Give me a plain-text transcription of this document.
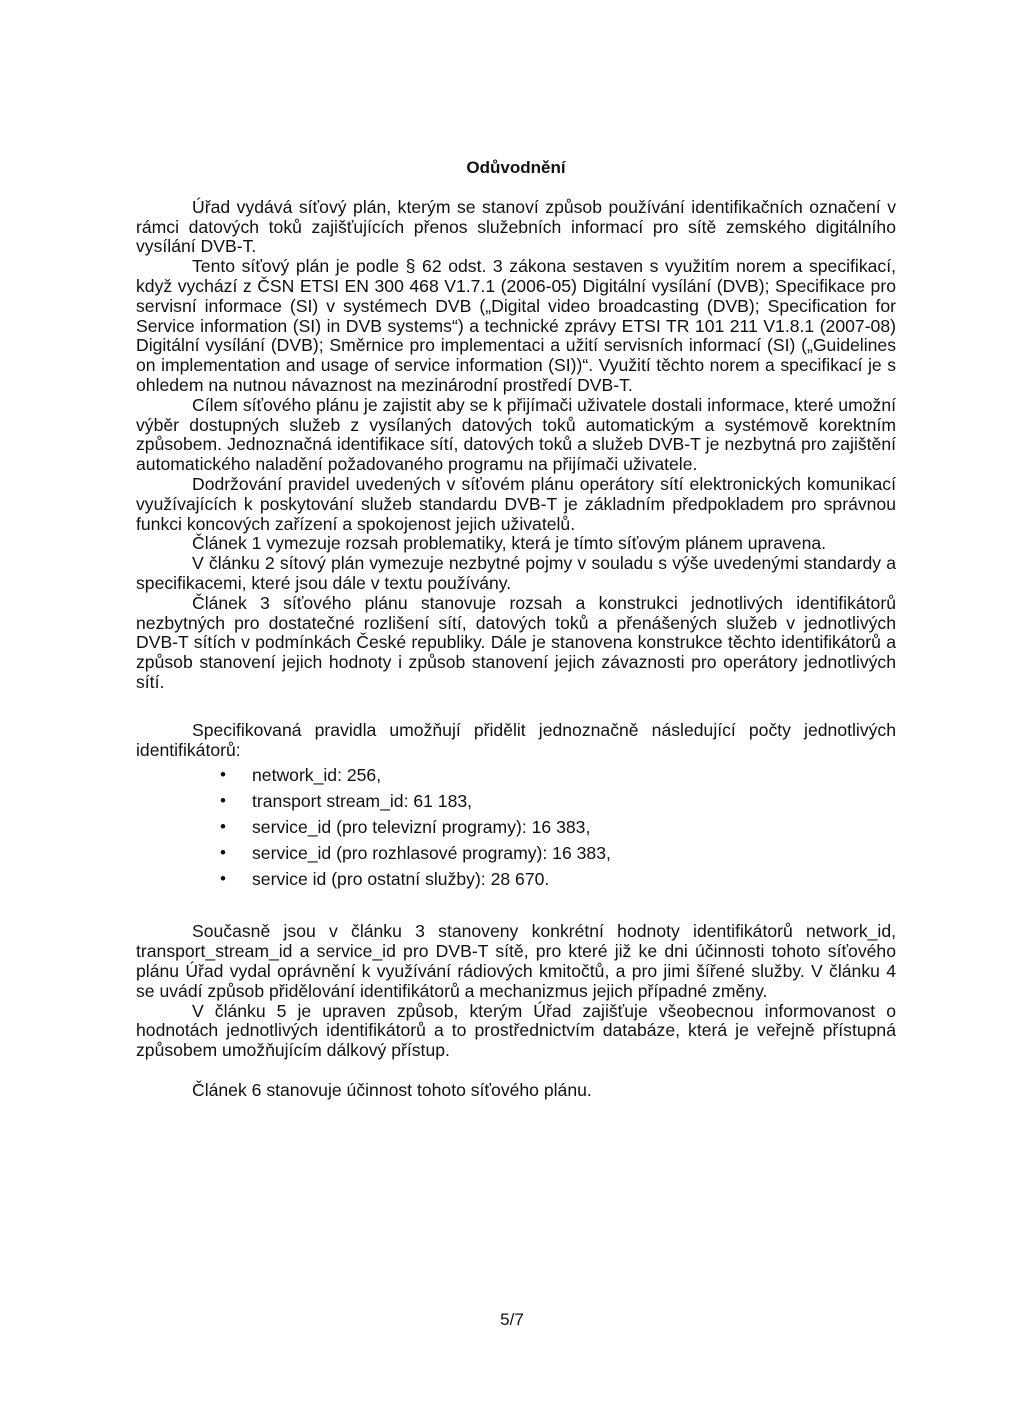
Odůvodnění

Úřad vydává síťový plán, kterým se stanoví způsob používání identifikačních označení v rámci datových toků zajišťujících přenos služebních informací pro sítě zemského digitálního vysílání DVB-T.

Tento síťový plán je podle § 62 odst. 3 zákona sestaven s využitím norem a specifikací, když vychází z ČSN ETSI EN 300 468 V1.7.1 (2006-05) Digitální vysílání (DVB); Specifikace pro servisní informace (SI) v systémech DVB („Digital video broadcasting (DVB); Specification for Service information (SI) in DVB systems“) a technické zprávy ETSI TR 101 211 V1.8.1 (2007-08) Digitální vysílání (DVB); Směrnice pro implementaci a užití servisních informací (SI) („Guidelines on implementation and usage of service information (SI))“. Využití těchto norem a specifikací je s ohledem na nutnou návaznost na mezinárodní prostředí DVB-T.

Cílem síťového plánu je zajistit aby se k přijímači uživatele dostali informace, které umožní výběr dostupných služeb z vysílaných datových toků automatickým a systémově korektním způsobem. Jednoznačná identifikace sítí, datových toků a služeb DVB-T je nezbytná pro zajištění automatického naladění požadovaného programu na přijímači uživatele.

Dodržování pravidel uvedených v síťovém plánu operátory sítí elektronických komunikací využívajících k poskytování služeb standardu DVB-T je základním předpokladem pro správnou funkci koncových zařízení a spokojenost jejich uživatelů.

Článek 1 vymezuje rozsah problematiky, která je tímto síťovým plánem upravena.

V článku 2 sítový plán vymezuje nezbytné pojmy v souladu s výše uvedenými standardy a specifikacemi, které jsou dále v textu používány.

Článek 3 síťového plánu stanovuje rozsah a konstrukci jednotlivých identifikátorů nezbytných pro dostatečné rozlišení sítí, datových toků a přenášených služeb v jednotlivých DVB-T sítích v podmínkách České republiky. Dále je stanovena konstrukce těchto identifikátorů a způsob stanovení jejich hodnoty i způsob stanovení jejich závaznosti pro operátory jednotlivých sítí.

Specifikovaná pravidla umožňují přidělit jednoznačně následující počty jednotlivých identifikátorů:

• network_id: 256,
• transport stream_id: 61 183,
• service_id (pro televizní programy): 16 383,
• service_id (pro rozhlasové programy): 16 383,
• service id (pro ostatní služby): 28 670.

Současně jsou v článku 3 stanoveny konkrétní hodnoty identifikátorů network_id, transport_stream_id a service_id pro DVB-T sítě, pro které již ke dni účinnosti tohoto síťového plánu Úřad vydal oprávnění k využívání rádiových kmitočtů, a pro jimi šířené služby. V článku 4 se uvádí způsob přidělování identifikátorů a mechanizmus jejich případné změny.

V článku 5 je upraven způsob, kterým Úřad zajišťuje všeobecnou informovanost o hodnotách jednotlivých identifikátorů a to prostřednictvím databáze, která je veřejně přístupná způsobem umožňujícím dálkový přístup.

Článek 6 stanovuje účinnost tohoto síťového plánu.

5/7
